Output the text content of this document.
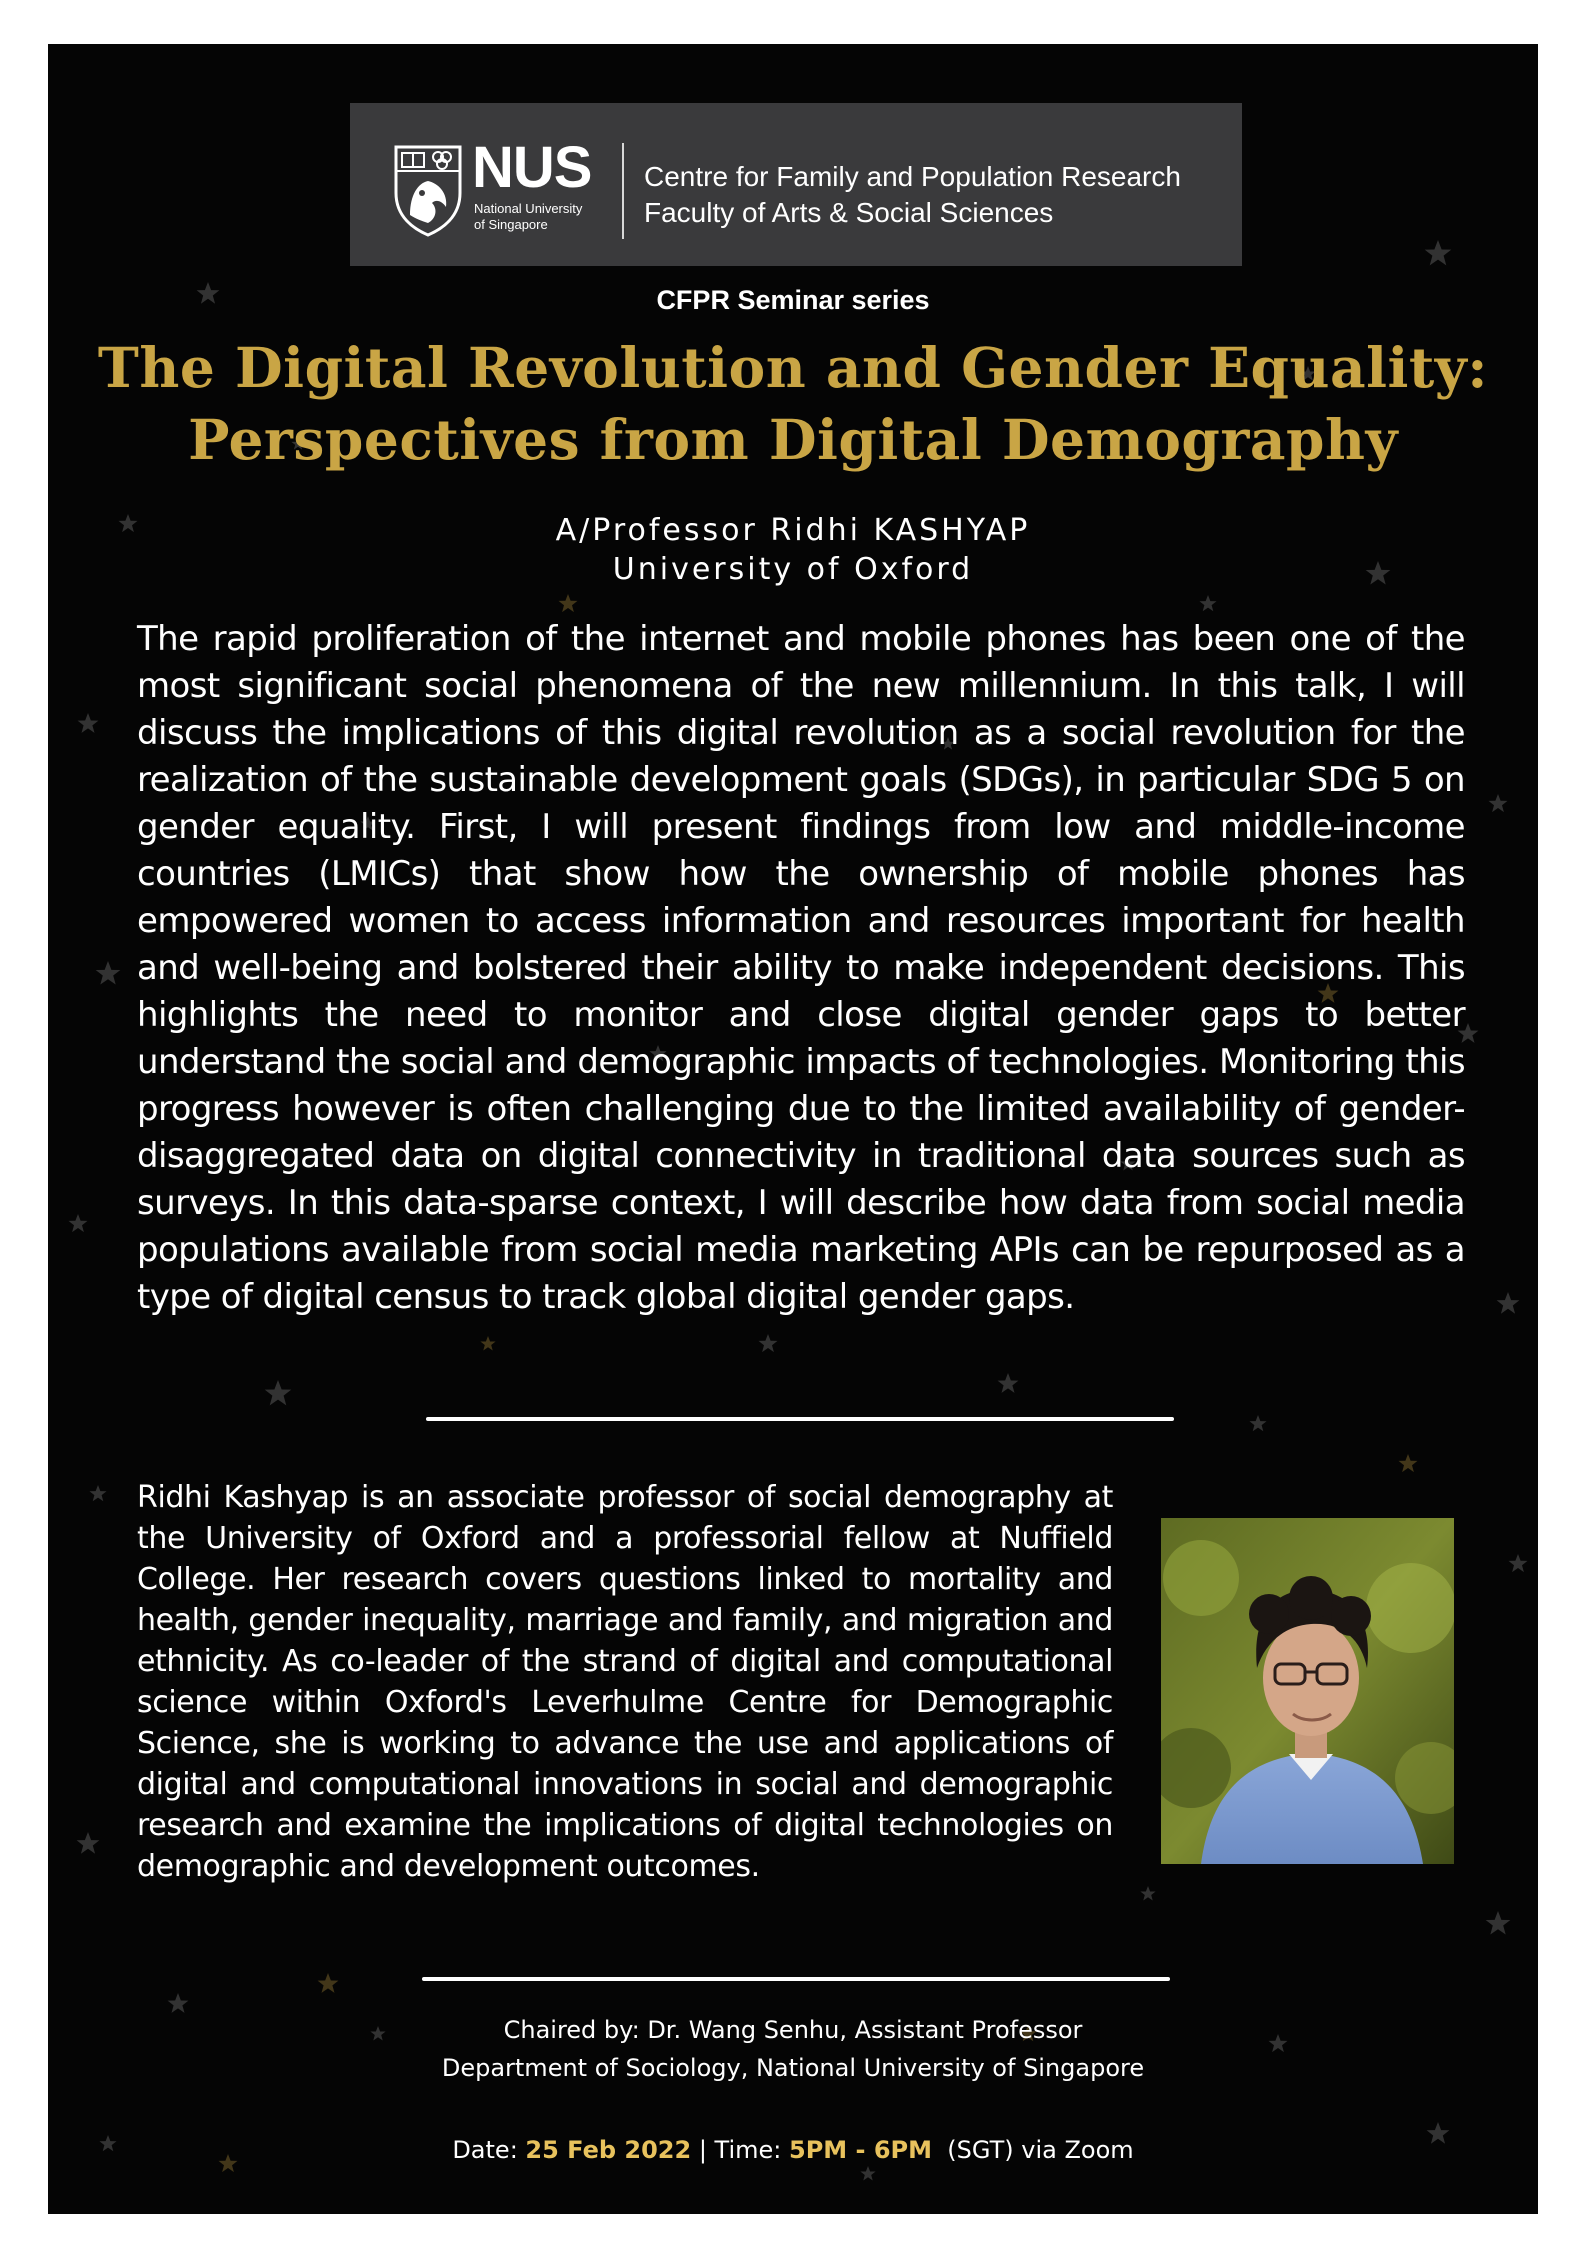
NUS
National University
of Singapore
Centre for Family and Population Research
Faculty of Arts & Social Sciences
CFPR Seminar series
The Digital Revolution and Gender Equality:
Perspectives from Digital Demography
A/Professor Ridhi KASHYAP
University of Oxford

The rapid proliferation of the internet and mobile phones has been one of the most significant social phenomena of the new millennium. In this talk, I will discuss the implications of this digital revolution as a social revolution for the realization of the sustainable development goals (SDGs), in particular SDG 5 on gender equality. First, I will present findings from low and middle-income countries (LMICs) that show how the ownership of mobile phones has empowered women to access information and resources important for health and well-being and bolstered their ability to make independent decisions. This highlights the need to monitor and close digital gender gaps to better understand the social and demographic impacts of technologies. Monitoring this progress however is often challenging due to the limited availability of gender-disaggregated data on digital connectivity in traditional data sources such as surveys. In this data-sparse context, I will describe how data from social media populations available from social media marketing APIs can be repurposed as a type of digital census to track global digital gender gaps.

Ridhi Kashyap is an associate professor of social demography at the University of Oxford and a professorial fellow at Nuffield College. Her research covers questions linked to mortality and health, gender inequality, marriage and family, and migration and ethnicity. As co-leader of the strand of digital and computational science within Oxford's Leverhulme Centre for Demographic Science, she is working to advance the use and applications of digital and computational innovations in social and demographic research and examine the implications of digital technologies on demographic and development outcomes.

Chaired by: Dr. Wang Senhu, Assistant Professor
Department of Sociology, National University of Singapore
Date: 25 Feb 2022 | Time: 5PM - 6PM  (SGT) via Zoom
